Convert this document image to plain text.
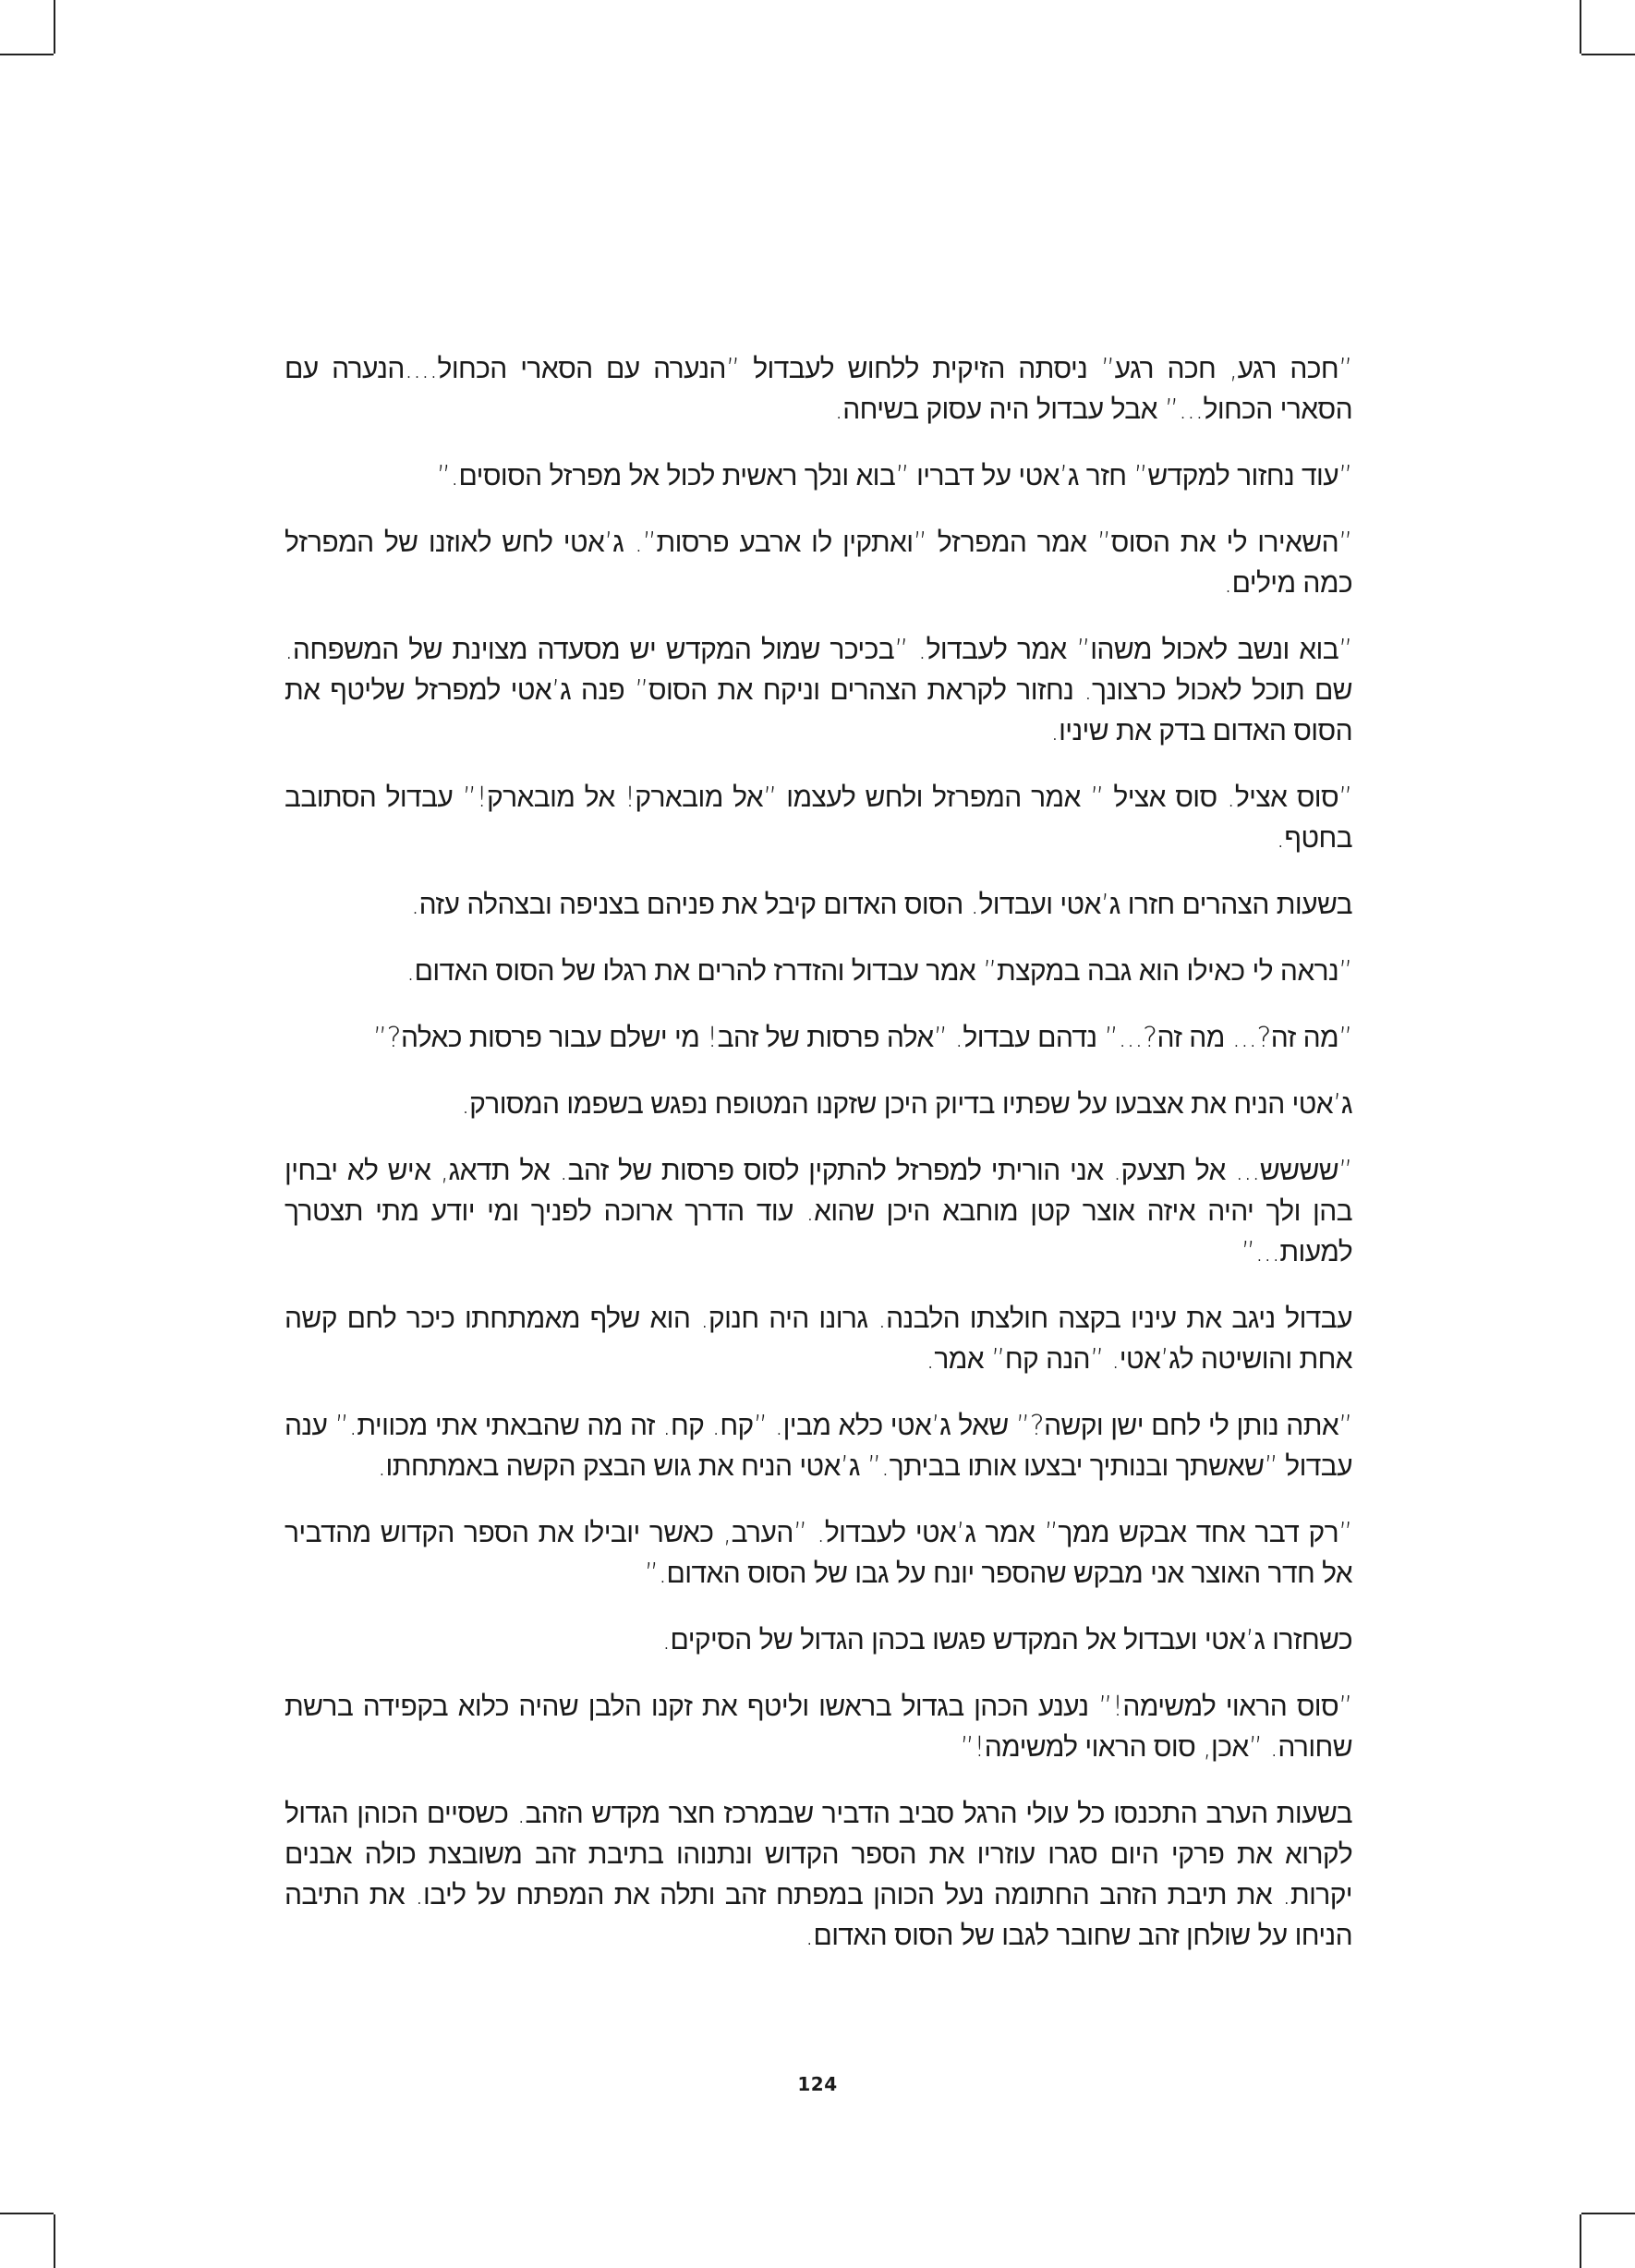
”חכה רגע, חכה רגע” ניסתה הזיקית ללחוש לעבדול ”הנערה עם הסארי הכחול....הנערה עם הסארי הכחול...” אבל עבדול היה עסוק בשיחה.

”עוד נחזור למקדש” חזר ג’אטי על דבריו ”בוא ונלך ראשית לכול אל מפרזל הסוסים.”

”השאירו לי את הסוס” אמר המפרזל ”ואתקין לו ארבע פרסות”. ג’אטי לחש לאוזנו של המפרזל כמה מילים.

”בוא ונשב לאכול משהו” אמר לעבדול. ”בכיכר שמול המקדש יש מסעדה מצוינת של המשפחה. שם תוכל לאכול כרצונך. נחזור לקראת הצהרים וניקח את הסוס” פנה ג’אטי למפרזל שליטף את הסוס האדום בדק את שיניו.

”סוס אציל. סוס אציל ” אמר המפרזל ולחש לעצמו ”אל מובארק! אל מובארק!” עבדול הסתובב בחטף.

בשעות הצהרים חזרו ג’אטי ועבדול. הסוס האדום קיבל את פניהם בצניפה ובצהלה עזה.

”נראה לי כאילו הוא גבה במקצת” אמר עבדול והזדרז להרים את רגלו של הסוס האדום.

”מה זה?... מה זה?...” נדהם עבדול. ”אלה פרסות של זהב! מי ישלם עבור פרסות כאלה?”

ג’אטי הניח את אצבעו על שפתיו בדיוק היכן שזקנו המטופח נפגש בשפמו המסורק.

”שששש... אל תצעק. אני הוריתי למפרזל להתקין לסוס פרסות של זהב. אל תדאג, איש לא יבחין בהן ולך יהיה איזה אוצר קטן מוחבא היכן שהוא. עוד הדרך ארוכה לפניך ומי יודע מתי תצטרך למעות...”

עבדול ניגב את עיניו בקצה חולצתו הלבנה. גרונו היה חנוק. הוא שלף מאמתחתו כיכר לחם קשה אחת והושיטה לג’אטי. ”הנה קח” אמר.

”אתה נותן לי לחם ישן וקשה?” שאל ג’אטי כלא מבין. ”קח. קח. זה מה שהבאתי אתי מכווית.” ענה עבדול ”שאשתך ובנותיך יבצעו אותו בביתך.” ג’אטי הניח את גוש הבצק הקשה באמתחתו.

”רק דבר אחד אבקש ממך” אמר ג’אטי לעבדול. ”הערב, כאשר יובילו את הספר הקדוש מהדביר אל חדר האוצר אני מבקש שהספר יונח על גבו של הסוס האדום.”

כשחזרו ג’אטי ועבדול אל המקדש פגשו בכהן הגדול של הסיקים.

”סוס הראוי למשימה!” נענע הכהן בגדול בראשו וליטף את זקנו הלבן שהיה כלוא בקפידה ברשת שחורה. ”אכן, סוס הראוי למשימה!”

בשעות הערב התכנסו כל עולי הרגל סביב הדביר שבמרכז חצר מקדש הזהב. כשסיים הכוהן הגדול לקרוא את פרקי היום סגרו עוזריו את הספר הקדוש ונתנוהו בתיבת זהב משובצת כולה אבנים יקרות. את תיבת הזהב החתומה נעל הכוהן במפתח זהב ותלה את המפתח על ליבו. את התיבה הניחו על שולחן זהב שחובר לגבו של הסוס האדום.

124
